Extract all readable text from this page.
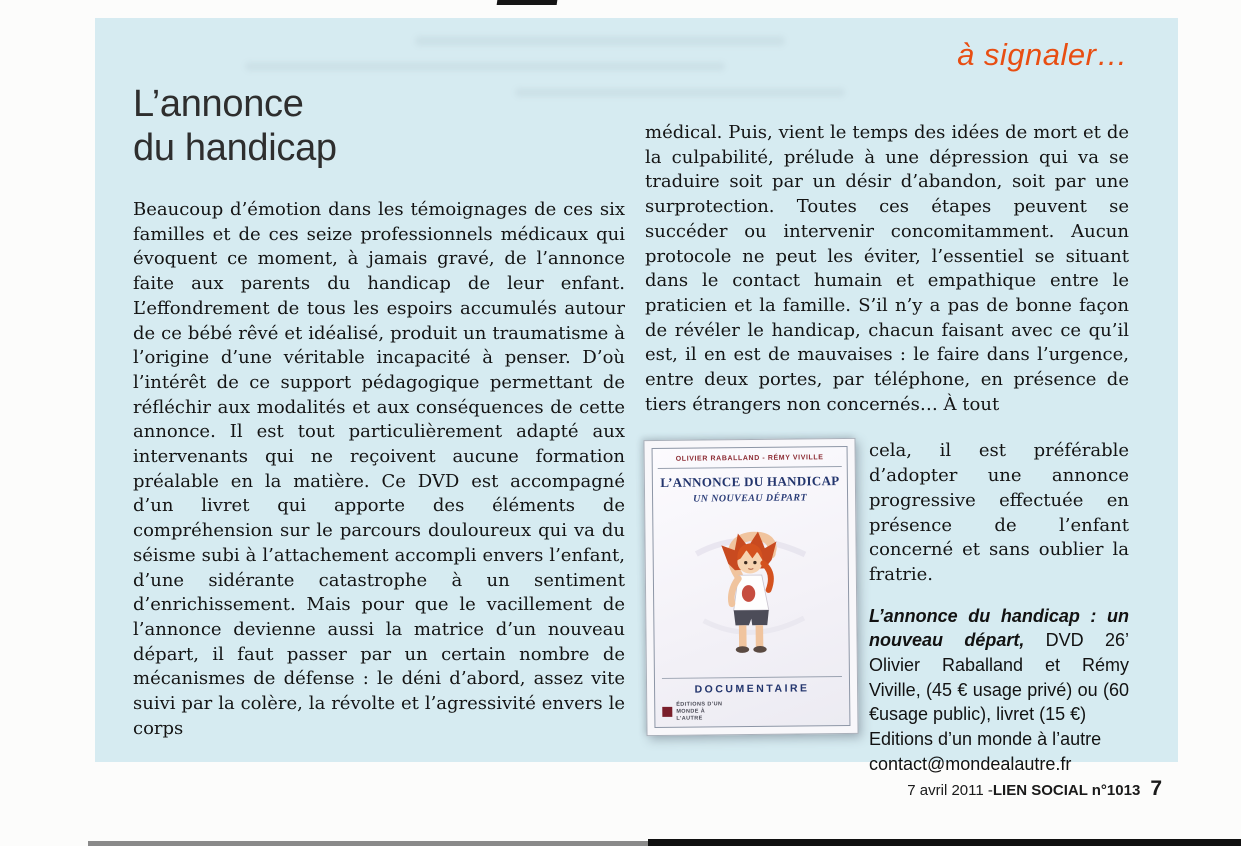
à signaler…
L’annonce
du handicap

Beaucoup d’émotion dans les témoignages de ces six familles et de ces seize professionnels médicaux qui évoquent ce moment, à jamais gravé, de l’annonce faite aux parents du handicap de leur enfant. L’effondrement de tous les espoirs accumulés autour de ce bébé rêvé et idéalisé, produit un traumatisme à l’origine d’une véritable incapacité à penser. D’où l’intérêt de ce support pédagogique permettant de réfléchir aux modalités et aux conséquences de cette annonce. Il est tout particulièrement adapté aux intervenants qui ne reçoivent aucune formation préalable en la matière. Ce DVD est accompagné d’un livret qui apporte des éléments de compréhension sur le parcours douloureux qui va du séisme subi à l’attachement accompli envers l’enfant, d’une sidérante catastrophe à un sentiment d’enrichissement. Mais pour que le vacillement de l’annonce devienne aussi la matrice d’un nouveau départ, il faut passer par un certain nombre de mécanismes de défense : le déni d’abord, assez vite suivi par la colère, la révolte et l’agressivité envers le corps

médical. Puis, vient le temps des idées de mort et de la culpabilité, prélude à une dépression qui va se traduire soit par un désir d’abandon, soit par une surprotection. Toutes ces étapes peuvent se succéder ou intervenir concomitamment. Aucun protocole ne peut les éviter, l’essentiel se situant dans le contact humain et empathique entre le praticien et la famille. S’il n’y a pas de bonne façon de révéler le handicap, chacun faisant avec ce qu’il est, il en est de mauvaises : le faire dans l’urgence, entre deux portes, par téléphone, en présence de tiers étrangers non concernés… À tout

OLIVIER RABALLAND - RÉMY VIVILLE
L’ANNONCE DU HANDICAP
UN NOUVEAU DÉPART
DOCUMENTAIRE
ÉDITIONS D’UN MONDE À L’AUTRE

cela, il est préférable d’adopter une annonce progressive effectuée en présence de l’enfant concerné et sans oublier la fratrie.

L’annonce du handicap : un nouveau départ, DVD 26’ Olivier Raballand et Rémy Viville, (45 € usage privé) ou (60 €usage public), livret (15 €)

Editions d’un monde à l’autre

contact@mondealautre.fr

7 avril 2011 - LIEN SOCIAL n°1013 7
